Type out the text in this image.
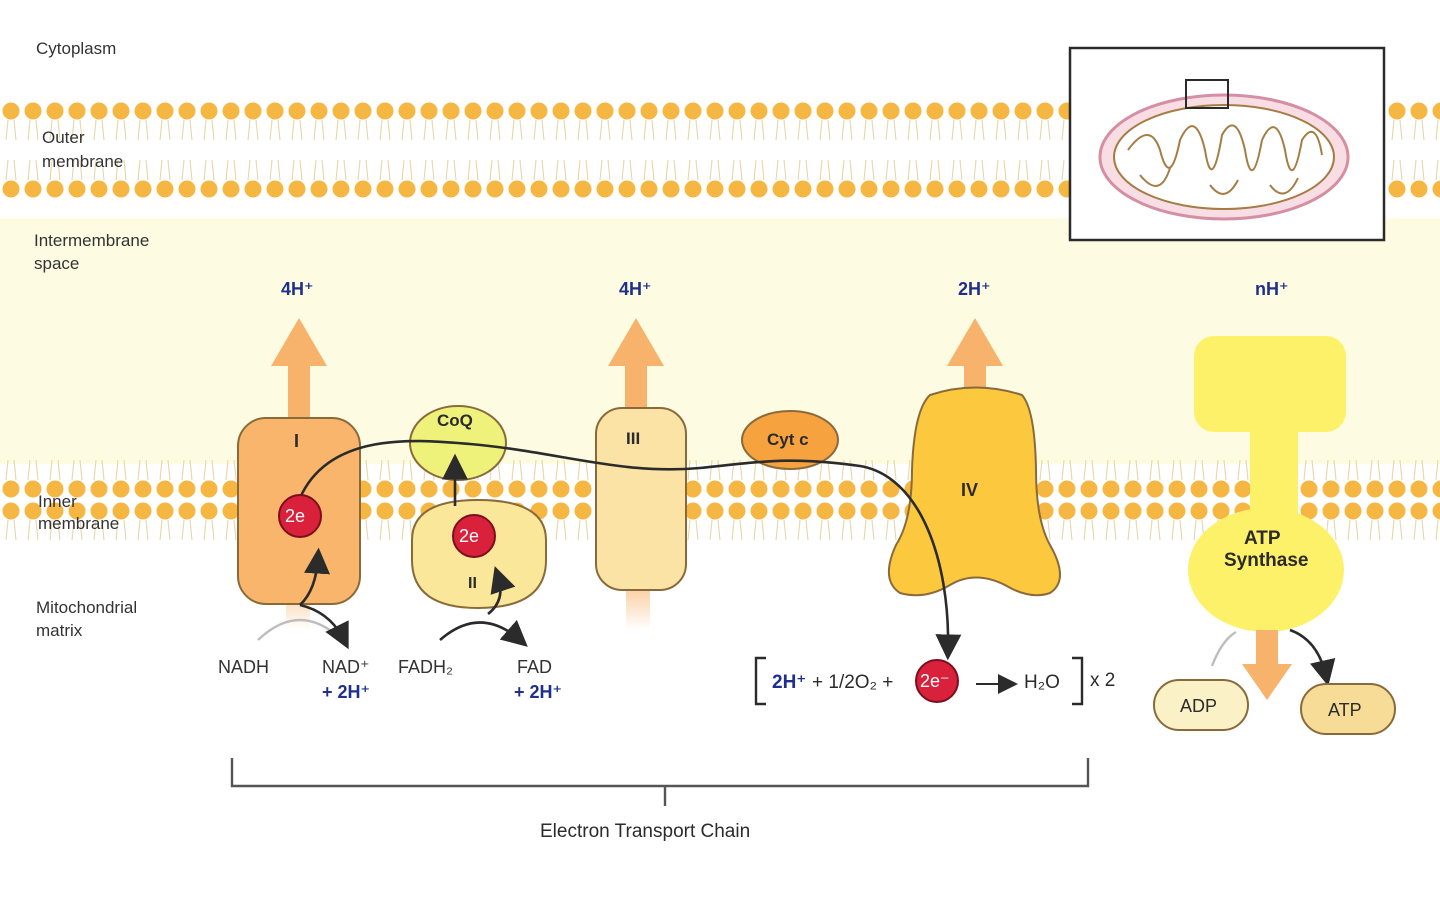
Cytoplasm
Outer
membrane
Intermembrane
space
Inner
membrane
Mitochondrial
matrix
4H⁺	4H⁺	2H⁺	nH⁺
I
CoQ
III	Cyt c
II
IV
ATP
Synthase
2e
2e
2e⁻
NADH	NAD⁺
+ 2H⁺
FADH₂	FAD
+ 2H⁺
ADP	ATP
2H⁺ + 1/2O₂ +	H₂O x 2
Electron Transport Chain
